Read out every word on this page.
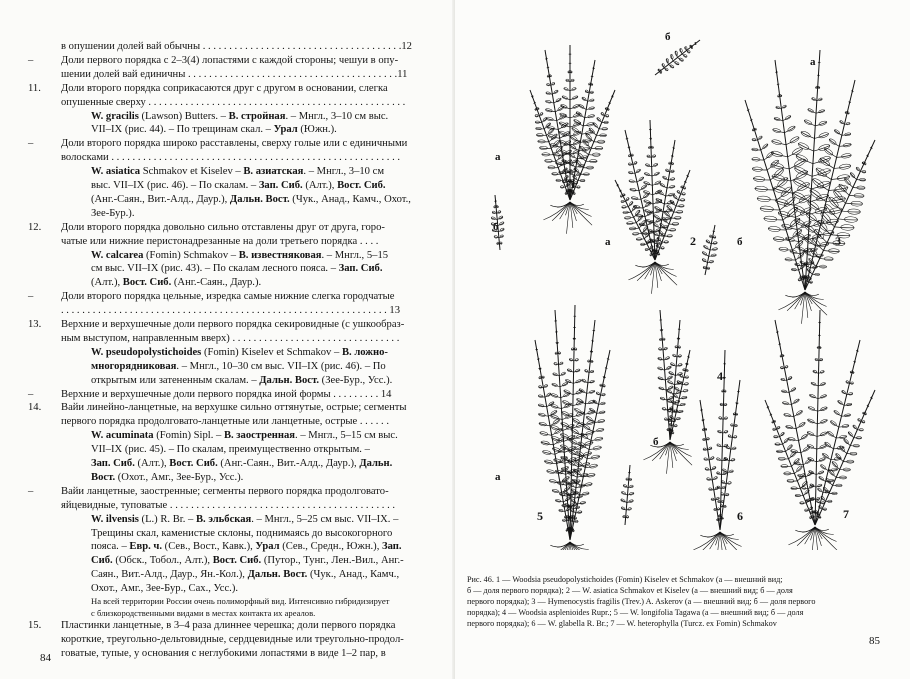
в опушении долей вай обычны . . . . . . . . . . . . . . . . . . . . . . . . . . . . . . . . . . . . . .12
–	Доли первого порядка с 2–3(4) лопастями с каждой стороны; чешуи в опу-
шении долей вай единичны . . . . . . . . . . . . . . . . . . . . . . . . . . . . . . . . . . . . . . . .11
11. Доли второго порядка соприкасаются друг с другом в основании, слегка
опушенные сверху . . . . . . . . . . . . . . . . . . . . . . . . . . . . . . . . . . . . . . . . . . . . . . . . .
W. gracilis (Lawson) Butters. – В. стройная. – Мнгл., 3–10 см выс.
VII–IX (рис. 44). – По трещинам скал. – Урал (Южн.).
–	Доли второго порядка широко расставлены, сверху голые или с единичными
волосками . . . . . . . . . . . . . . . . . . . . . . . . . . . . . . . . . . . . . . . . . . . . . . . . . . . . . . .
W. asiatica Schmakov et Kiselev – В. азиатская. – Мнгл., 3–10 см
выс. VII–IX (рис. 46). – По скалам. – Зап. Сиб. (Алт.), Вост. Сиб.
(Анг.-Саян., Вит.-Алд., Даур.), Дальн. Вост. (Чук., Анад., Камч., Охот.,
Зее-Бур.).
12. Доли второго порядка довольно сильно отставлены друг от друга, горо-
чатые или нижние перистонадрезанные на доли третьего порядка . . . .
W. calcarea (Fomin) Schmakov – В. известняковая. – Мнгл., 5–15
см выс. VII–IX (рис. 43). – По скалам лесного пояса. – Зап. Сиб.
(Алт.), Вост. Сиб. (Анг.-Саян., Даур.).
–	Доли второго порядка цельные, изредка самые нижние слегка городчатые
. . . . . . . . . . . . . . . . . . . . . . . . . . . . . . . . . . . . . . . . . . . . . . . . . . . . . . . . . . . . . . 13
13. Верхние и верхушечные доли первого порядка секировидные (с ушкообраз-
ным выступом, направленным вверх) . . . . . . . . . . . . . . . . . . . . . . . . . . . . . . . .
W. pseudopolystichoides (Fomin) Kiselev et Schmakov – В. ложно-
многорядниковая. – Мнгл., 10–30 см выс. VII–IX (рис. 46). – По
открытым или затененным скалам. – Дальн. Вост. (Зее-Бур., Усс.).
–	Верхние и верхушечные доли первого порядка иной формы . . . . . . . . . 14
14. Вайи линейно-ланцетные, на верхушке сильно оттянутые, острые; сегменты
первого порядка продолговато-ланцетные или ланцетные, острые . . . . . .
W. acuminata (Fomin) Sipl. – В. заостренная. – Мнгл., 5–15 см выс.
VII–IX (рис. 45). – По скалам, преимущественно открытым. –
Зап. Сиб. (Алт.), Вост. Сиб. (Анг.-Саян., Вит.-Алд., Даур.), Дальн.
Вост. (Охот., Амг., Зее-Бур., Усс.).
–	Вайи ланцетные, заостренные; сегменты первого порядка продолговато-
яйцевидные, туповатые . . . . . . . . . . . . . . . . . . . . . . . . . . . . . . . . . . . . . . . . . . .
W. ilvensis (L.) R. Br. – В. эльбская. – Мнгл., 5–25 см выс. VII–IX. –
Трещины скал, каменистые склоны, поднимаясь до высокогорного
пояса. – Евр. ч. (Сев., Вост., Кавк.), Урал (Сев., Средн., Южн.), Зап.
Сиб. (Обск., Тобол., Алт.), Вост. Сиб. (Путор., Тунг., Лен.-Вил., Анг.-
Саян., Вит.-Алд., Даур., Ян.-Кол.), Дальн. Вост. (Чук., Анад., Камч.,
Охот., Амг., Зее-Бур., Сах., Усс.).
На всей территории России очень полиморфный вид. Интенсивно гибридизирует
с близкородственными видами в местах контакта их ареалов.
15. Пластинки ланцетные, в 3–4 раза длиннее черешка; доли первого порядка
короткие, треугольно-дельтовидные, сердцевидные или треугольно-продол-
говатые, тупые, у основания с неглубокими лопастями в виде 1–2 пар, в
84
а
б
1
б
а
а	2	б	3
4
а
5
б
6	7
Рис. 46. 1 — Woodsia pseudopolystichoides (Fomin) Kiselev et Schmakov (а — внешний вид;
б — доля первого порядка); 2 — W. asiatica Schmakov et Kiselev (а — внешний вид; б — доля
первого порядка); 3 — Hymenocystis fragilis (Trev.) A. Askerov (а — внешний вид; б — доля первого
порядка); 4 — Woodsia asplenioides Rupr.; 5 — W. longifolia Tagawa (а — внешний вид; б — доля
первого порядка); 6 — W. glabella R. Br.; 7 — W. heterophylla (Turcz. ex Fomin) Schmakov
85
